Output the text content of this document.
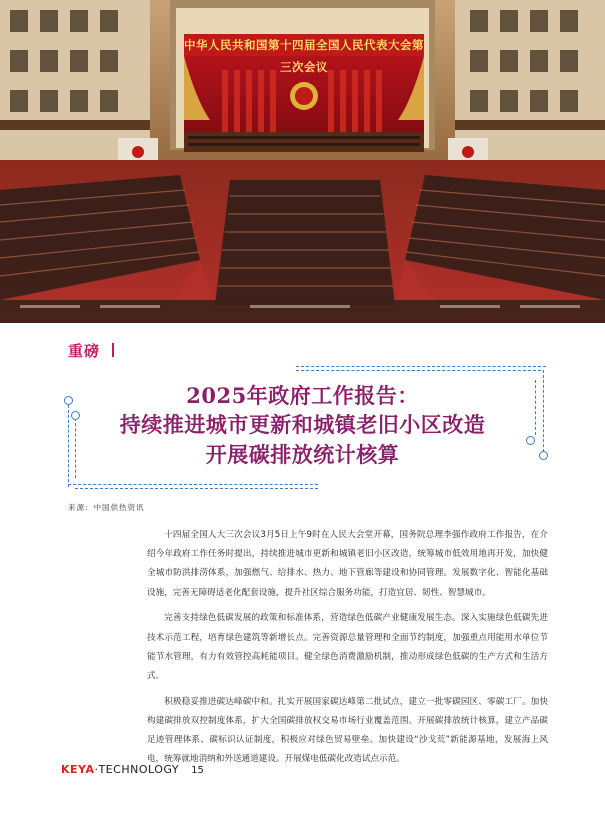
中华人民共和国第十四届全国人民代表大会第三次会议
重磅
2025年政府工作报告：
持续推进城市更新和城镇老旧小区改造
开展碳排放统计核算
来源：中国供热资讯

十四届全国人大三次会议3月5日上午9时在人民大会堂开幕，国务院总理李强作政府工作报告，在介绍今年政府工作任务时提出，持续推进城市更新和城镇老旧小区改造，统筹城市低效用地再开发，加快健全城市防洪排涝体系，加强燃气、给排水、热力、地下管廊等建设和协同管理。发展数字化、智能化基础设施，完善无障碍适老化配套设施，提升社区综合服务功能，打造宜居、韧性、智慧城市。

完善支持绿色低碳发展的政策和标准体系，营造绿色低碳产业健康发展生态。深入实施绿色低碳先进技术示范工程，培育绿色建筑等新增长点。完善资源总量管理和全面节约制度，加强重点用能用水单位节能节水管理，有力有效管控高耗能项目。健全绿色消费激励机制，推动形成绿色低碳的生产方式和生活方式。

积极稳妥推进碳达峰碳中和。扎实开展国家碳达峰第二批试点，建立一批零碳园区、零碳工厂。加快构建碳排放双控制度体系，扩大全国碳排放权交易市场行业覆盖范围。开展碳排放统计核算，建立产品碳足迹管理体系、碳标识认证制度，积极应对绿色贸易壁垒。加快建设“沙戈荒”新能源基地，发展海上风电，统筹就地消纳和外送通道建设。开展煤电低碳化改造试点示范。

KEYA·TECHNOLOGY 15
